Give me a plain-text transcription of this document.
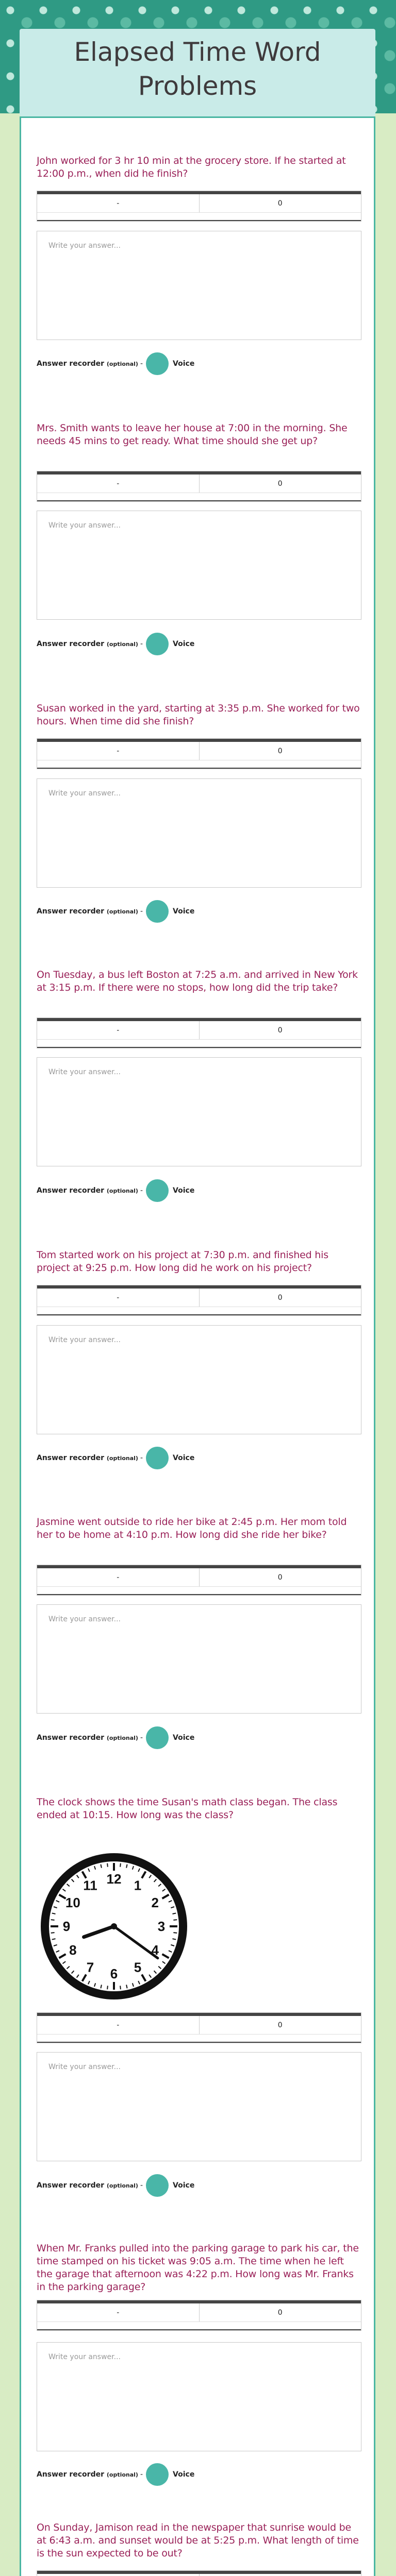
Elapsed Time Word
Problems
John worked for 3 hr 10 min at the grocery store. If he started at 12:00 p.m., when did he finish?
-	0
Write your answer...
Answer recorder (optional) -	Voice
Mrs. Smith wants to leave her house at 7:00 in the morning. She needs 45 mins to get ready. What time should she get up?
-	0
Write your answer...
Answer recorder (optional) -	Voice
Susan worked in the yard, starting at 3:35 p.m. She worked for two hours. When time did she finish?
-	0
Write your answer...
Answer recorder (optional) -	Voice
On Tuesday, a bus left Boston at 7:25 a.m. and arrived in New York at 3:15 p.m. If there were no stops, how long did the trip take?
-	0
Write your answer...
Answer recorder (optional) -	Voice
Tom started work on his project at 7:30 p.m. and finished his project at 9:25 p.m. How long did he work on his project?
-	0
Write your answer...
Answer recorder (optional) -	Voice
Jasmine went outside to ride her bike at 2:45 p.m. Her mom told her to be home at 4:10 p.m. How long did she ride her bike?
-	0
Write your answer...
Answer recorder (optional) -	Voice
The clock shows the time Susan's math class began. The class ended at 10:15. How long was the class?
12 1
2
3
4
5
6
7
8
9
10
11
-	0
Write your answer...
Answer recorder (optional) -	Voice
When Mr. Franks pulled into the parking garage to park his car, the time stamped on his ticket was 9:05 a.m. The time when he left the garage that afternoon was 4:22 p.m. How long was Mr. Franks in the parking garage?
-	0
Write your answer...
Answer recorder (optional) -	Voice
On Sunday, Jamison read in the newspaper that sunrise would be at 6:43 a.m. and sunset would be at 5:25 p.m. What length of time is the sun expected to be out?
